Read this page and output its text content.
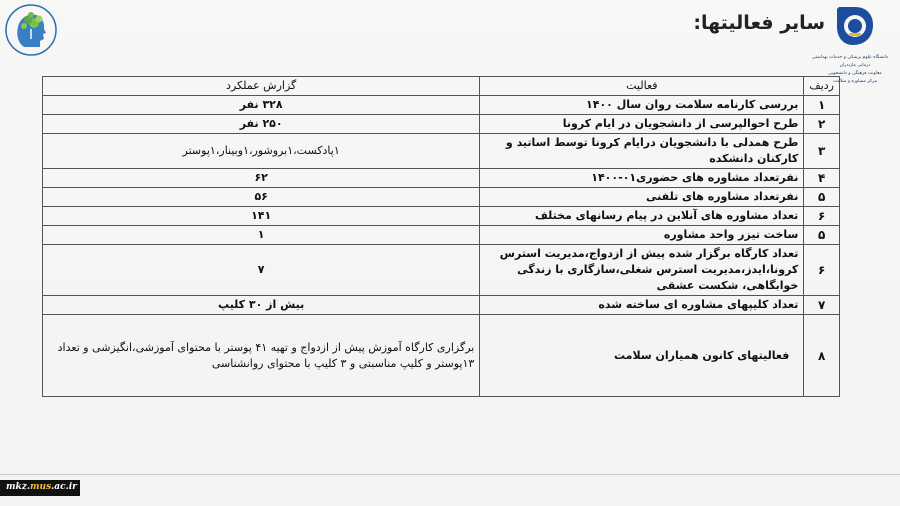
دانشگاه علوم پزشکی و خدمات بهداشتی
درمانی مازندران
معاونت فرهنگی و دانشجویی
مرکز مشاوره و سلامت
سایر فعالیتها:
ردیف	فعالیت	گزارش عملکرد
۱	بررسی کارنامه سلامت روان سال ۱۴۰۰	۳۲۸ نفر
۲	طرح احوالپرسی از دانشجویان در ایام کرونا	۲۵۰ نفر
۳	طرح همدلی با دانشجویان درایام کرونا توسط اساتید و کارکنان دانشکده	۱پادکست،۱بروشور،۱وبینار،۱پوستر
۴	نفرتعداد مشاوره های حضوری۰۱-۱۴۰۰	۶۲
۵	نفرتعداد مشاوره های تلفنی	۵۶
۶	تعداد مشاوره های آنلاین در پیام رسانهای مختلف	۱۴۱
۵	ساخت تیزر واحد مشاوره	۱
۶	تعداد کارگاه برگزار شده پیش از ازدواج،مدیریت استرس کرونا،ایدز،مدیریت استرس شغلی،سازگاری با زندگی خوابگاهی، شکست عشقی	۷
۷	تعداد کلیپهای مشاوره ای ساخته شده	بیش از ۳۰ کلیپ
۸	فعالیتهای کانون همیاران سلامت	برگزاری کارگاه آموزش پیش از ازدواج و تهیه ۴۱ پوستر با محتوای آموزشی،انگیزشی و تعداد ۱۳پوستر و کلیپ مناسبتی و ۳ کلیپ با محتوای روانشناسی
mkz.mus.ac.ir
